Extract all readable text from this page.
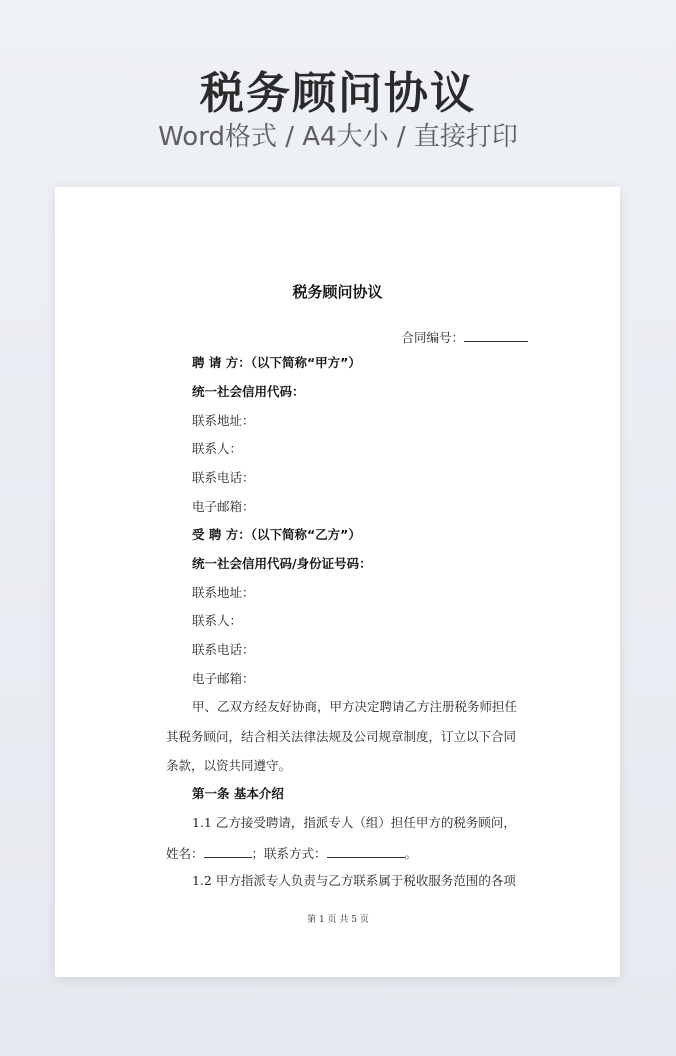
税务顾问协议
Word格式 / A4大小 / 直接打印
税务顾问协议
合同编号：
聘 请 方：（以下简称“甲方”）
统一社会信用代码：
联系地址：
联系人：
联系电话：
电子邮箱：
受 聘 方：（以下简称“乙方”）
统一社会信用代码/身份证号码：
联系地址：
联系人：
联系电话：
电子邮箱：
甲、乙双方经友好协商，甲方决定聘请乙方注册税务师担任
其税务顾问，结合相关法律法规及公司规章制度，订立以下合同
条款，以资共同遵守。
第一条 基本介绍
1.1 乙方接受聘请，指派专人（组）担任甲方的税务顾问，
姓名：	；联系方式：	。
1.2 甲方指派专人负责与乙方联系属于税收服务范围的各项
第 1 页 共 5 页
